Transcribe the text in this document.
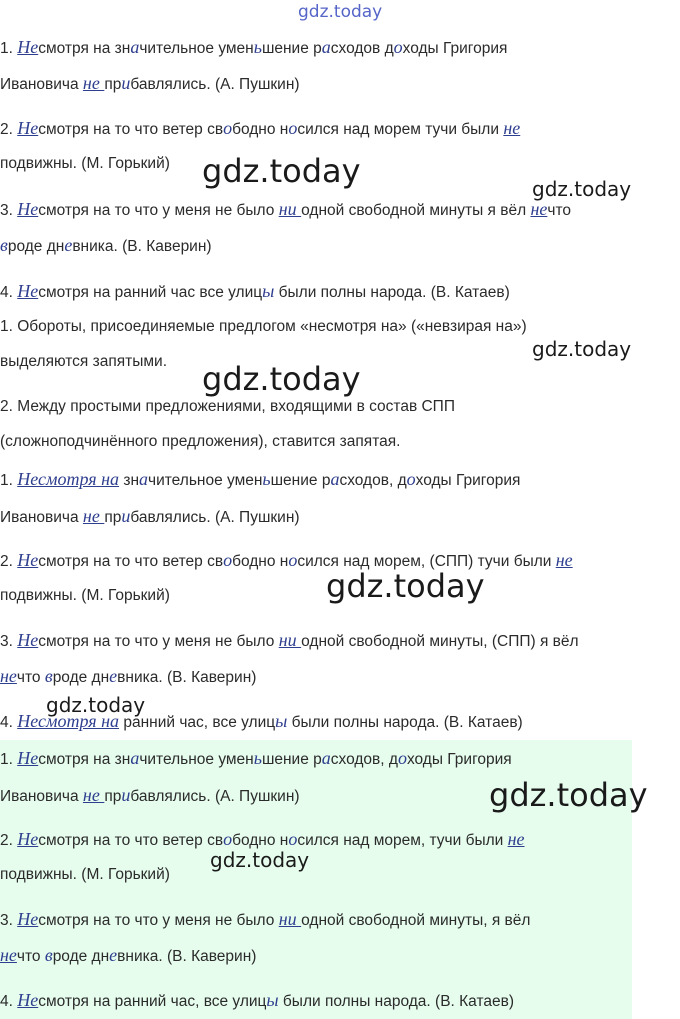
gdz.today
1. Несмотря на значительное уменьшение расходов доходы Григория
Ивановича не прибавлялись. (А. Пушкин)
2. Несмотря на то что ветер свободно носился над морем тучи были не
подвижны. (М. Горький)
3. Несмотря на то что у меня не было ни одной свободной минуты я вёл нечто
вроде дневника. (В. Каверин)
4. Несмотря на ранний час все улицы были полны народа. (В. Катаев)
1. Обороты, присоединяемые предлогом «несмотря на» («невзирая на»)
выделяются запятыми.
2. Между простыми предложениями, входящими в состав СПП
(сложноподчинённого предложения), ставится запятая.
1. Несмотря на значительное уменьшение расходов, доходы Григория
Ивановича не прибавлялись. (А. Пушкин)
2. Несмотря на то что ветер свободно носился над морем, (СПП) тучи были не
подвижны. (М. Горький)
3. Несмотря на то что у меня не было ни одной свободной минуты, (СПП) я вёл
нечто вроде дневника. (В. Каверин)
4. Несмотря на ранний час, все улицы были полны народа. (В. Катаев)
1. Несмотря на значительное уменьшение расходов, доходы Григория
Ивановича не прибавлялись. (А. Пушкин)
2. Несмотря на то что ветер свободно носился над морем, тучи были не
подвижны. (М. Горький)
3. Несмотря на то что у меня не было ни одной свободной минуты, я вёл
нечто вроде дневника. (В. Каверин)
4. Несмотря на ранний час, все улицы были полны народа. (В. Катаев)
gdz.today	gdz.today
gdz.today
gdz.today
gdz.today
gdz.today
gdz.today
gdz.today
